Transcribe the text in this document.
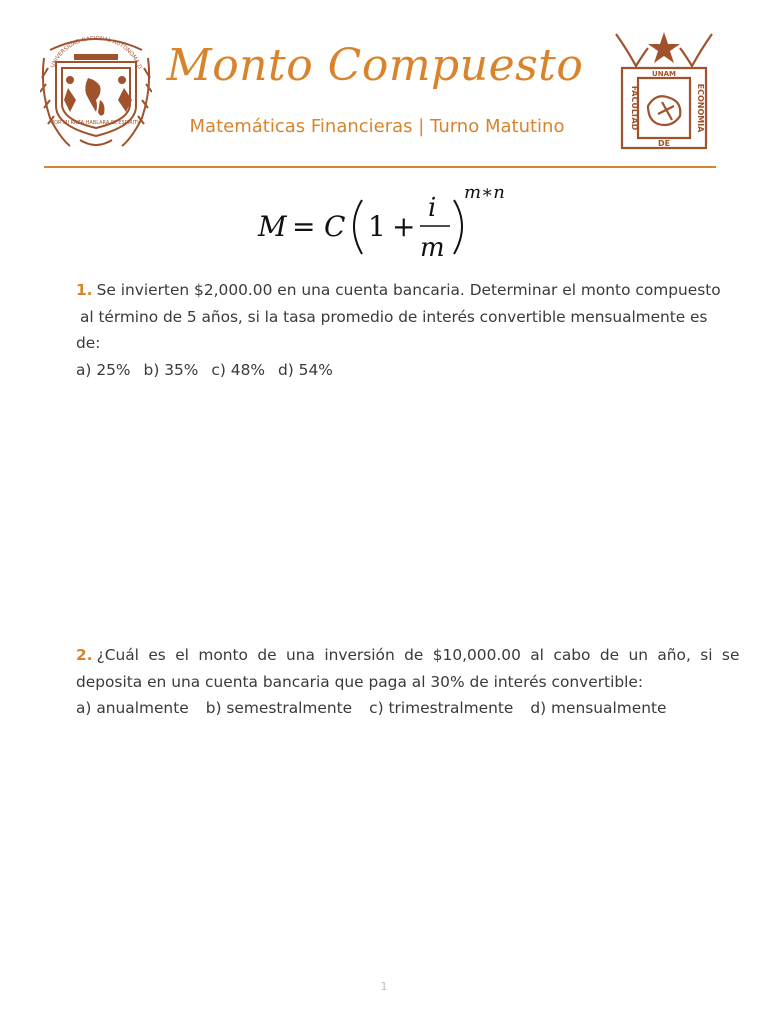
UNIVERSIDAD NACIONAL AUTONOMA D
POR MI RAZA HABLARA EL ESPIRITU
Monto Compuesto
Matemáticas Financieras | Turno Matutino
UNAM
FACULTAD	ECONOMIA
DE
M = C 1 +
i
m
m∗n
1. Se invierten $2,000.00 en una cuenta bancaria. Determinar el monto compuesto
al término de 5 años, si la tasa promedio de interés convertible mensualmente es
de:
a) 25% b) 35% c) 48% d) 54%
2. ¿Cuál es el monto de una inversión de $10,000.00 al cabo de un año, si se
deposita en una cuenta bancaria que paga al 30% de interés convertible:
a) anualmente b) semestralmente c) trimestralmente d) mensualmente
1
